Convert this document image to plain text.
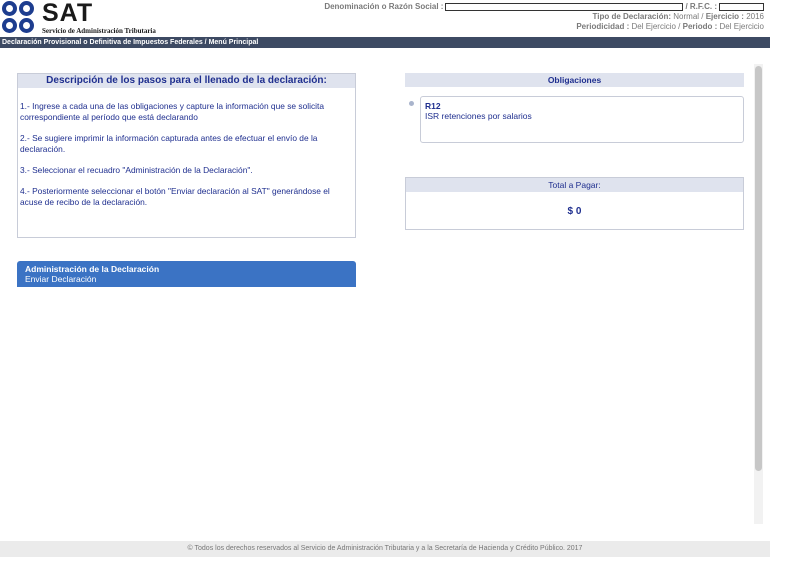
SAT
Servicio de Administración Tributaria
Denominación o Razón Social :	/ R.F.C. :
Tipo de Declaración: Normal / Ejercicio : 2016
Periodicidad : Del Ejercicio / Periodo : Del Ejercicio
Declaración Provisional o Definitiva de Impuestos Federales / Menú Principal
Descripción de los pasos para el llenado de la declaración:
1.- Ingrese a cada una de las obligaciones y capture la información que se solicita correspondiente al período que está declarando
2.- Se sugiere imprimir la información capturada antes de efectuar el envío de la declaración.
3.- Seleccionar el recuadro "Administración de la Declaración".
4.- Posteriormente seleccionar el botón "Enviar declaración al SAT" generándose el acuse de recibo de la declaración.
Administración de la Declaración
Enviar Declaración
Obligaciones
R12
ISR retenciones por salarios
Total a Pagar:
$ 0
© Todos los derechos reservados al Servicio de Administración Tributaria y a la Secretaría de Hacienda y Crédito Público. 2017
